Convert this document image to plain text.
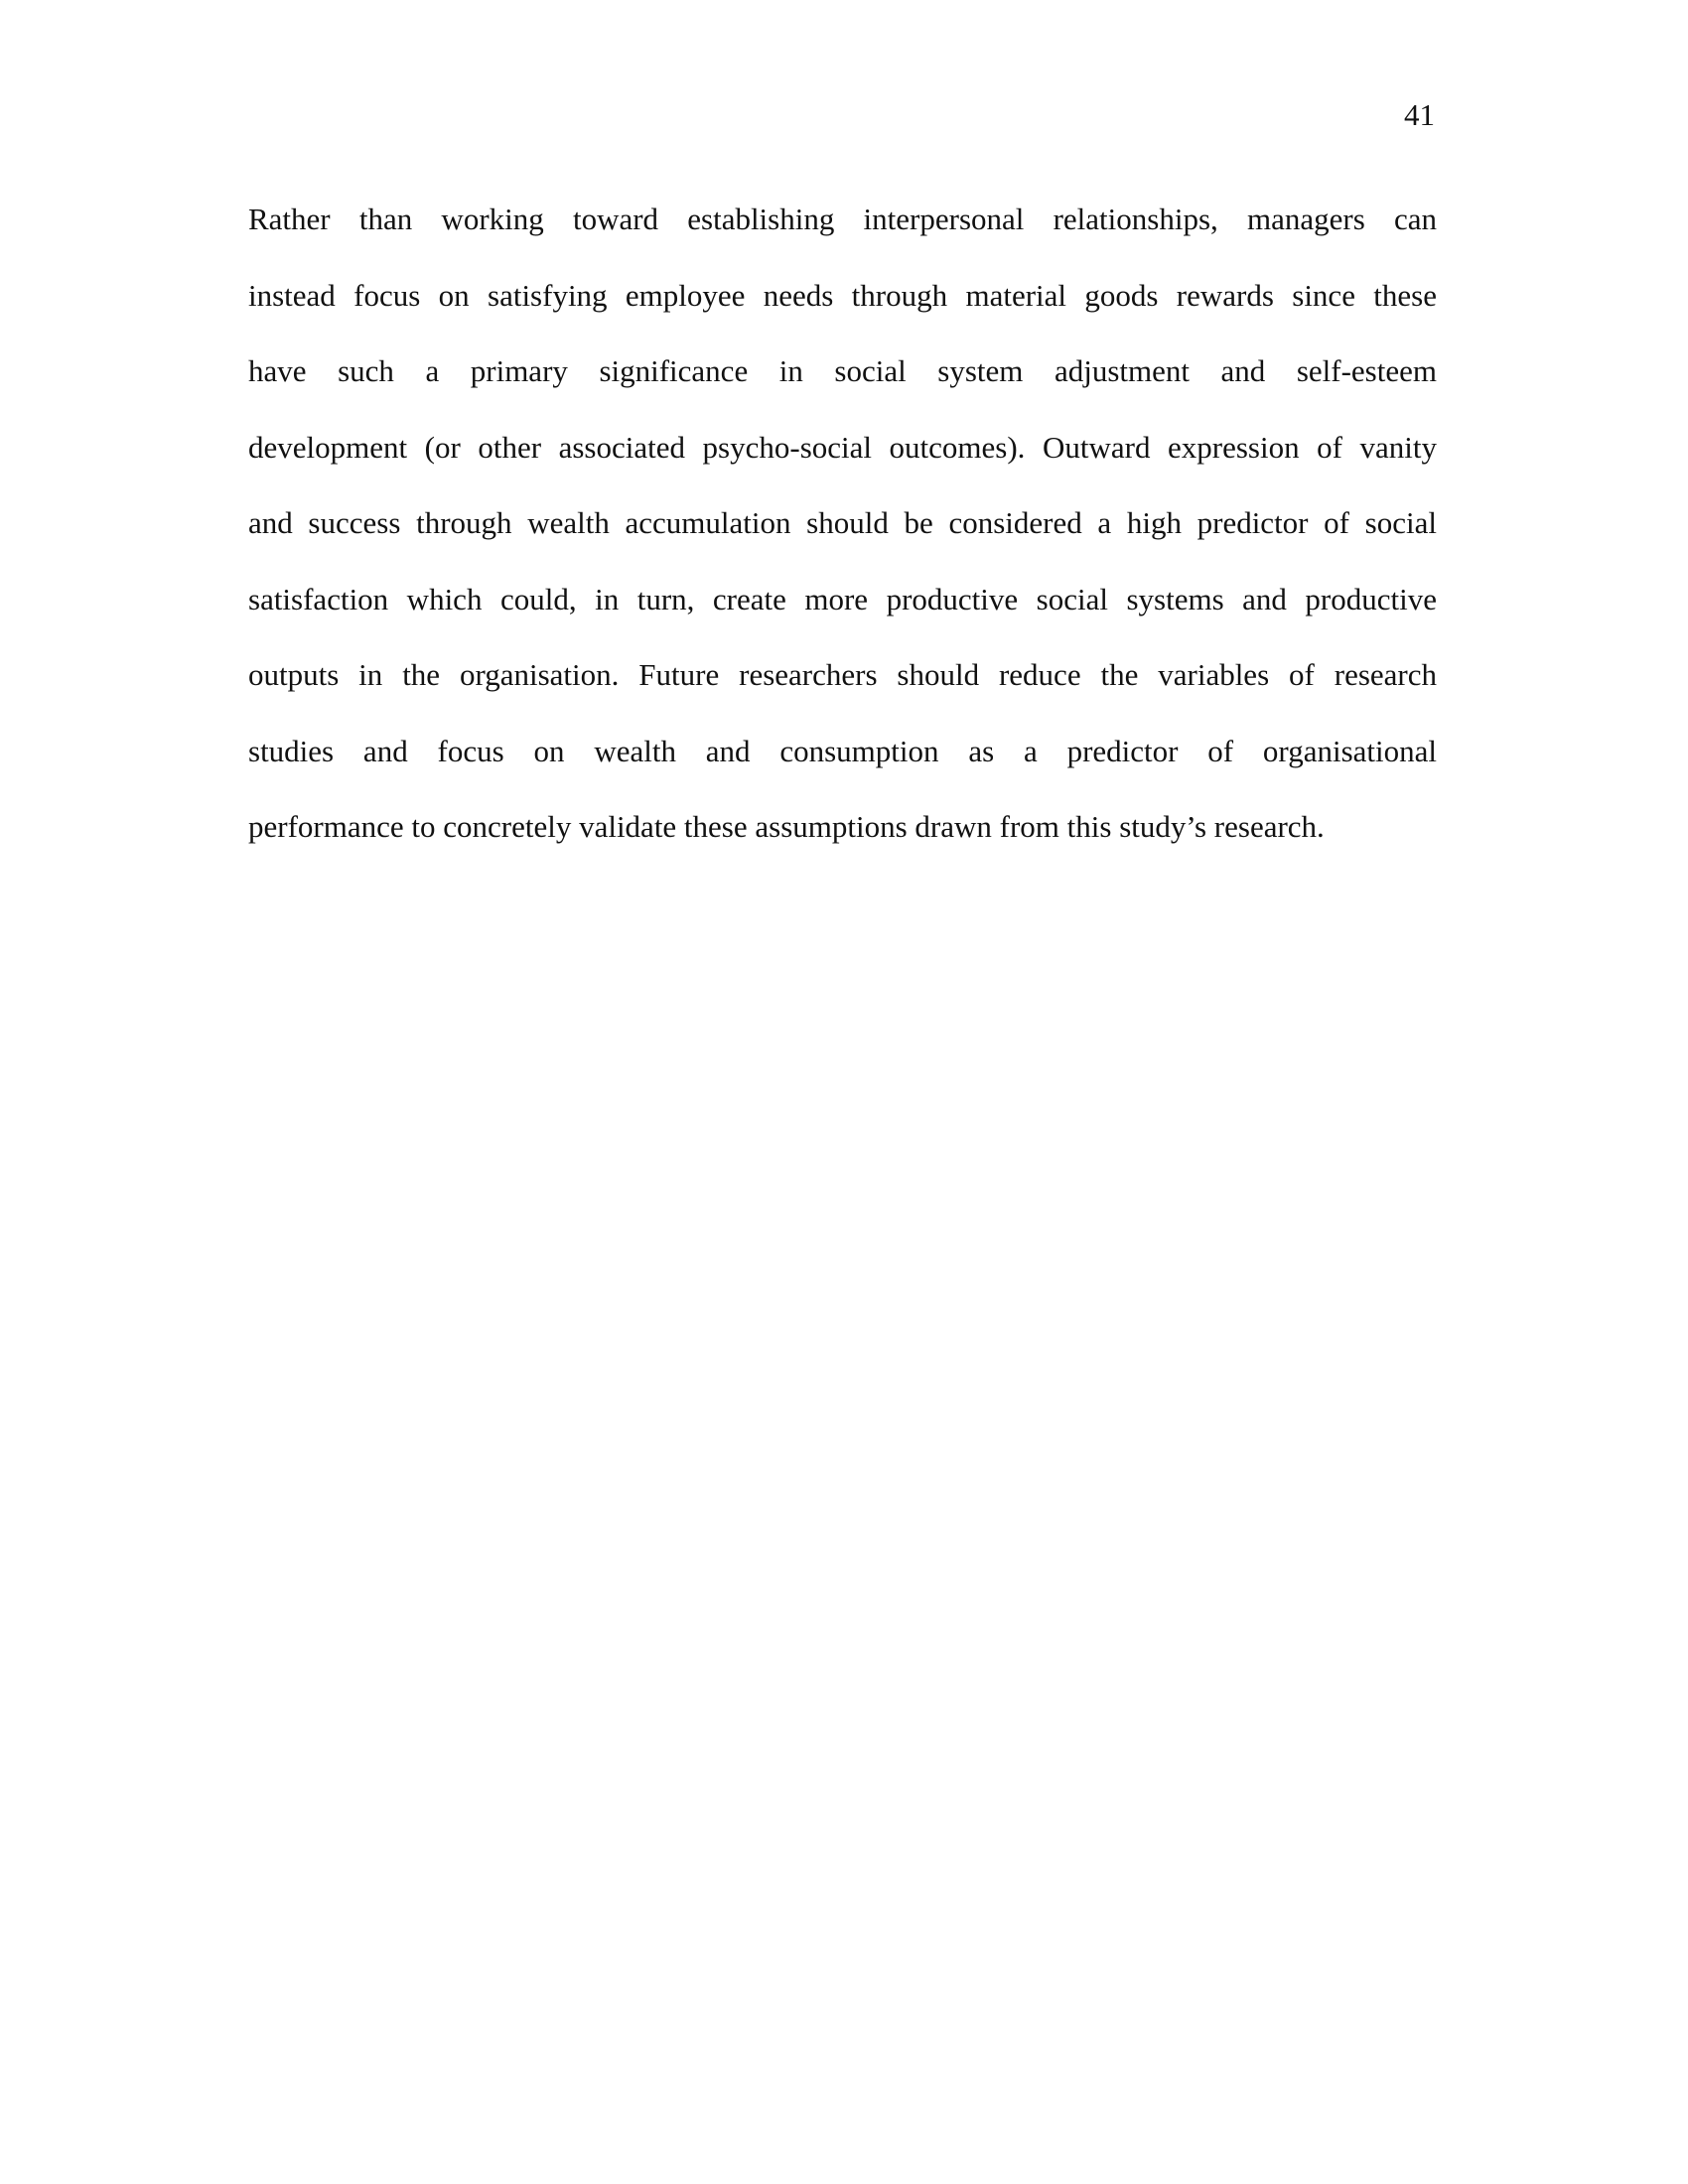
41
Rather than working toward establishing interpersonal relationships, managers can
instead focus on satisfying employee needs through material goods rewards since these
have such a primary significance in social system adjustment and self-esteem
development (or other associated psycho-social outcomes). Outward expression of vanity
and success through wealth accumulation should be considered a high predictor of social
satisfaction which could, in turn, create more productive social systems and productive
outputs in the organisation. Future researchers should reduce the variables of research
studies and focus on wealth and consumption as a predictor of organisational
performance to concretely validate these assumptions drawn from this study’s research.
